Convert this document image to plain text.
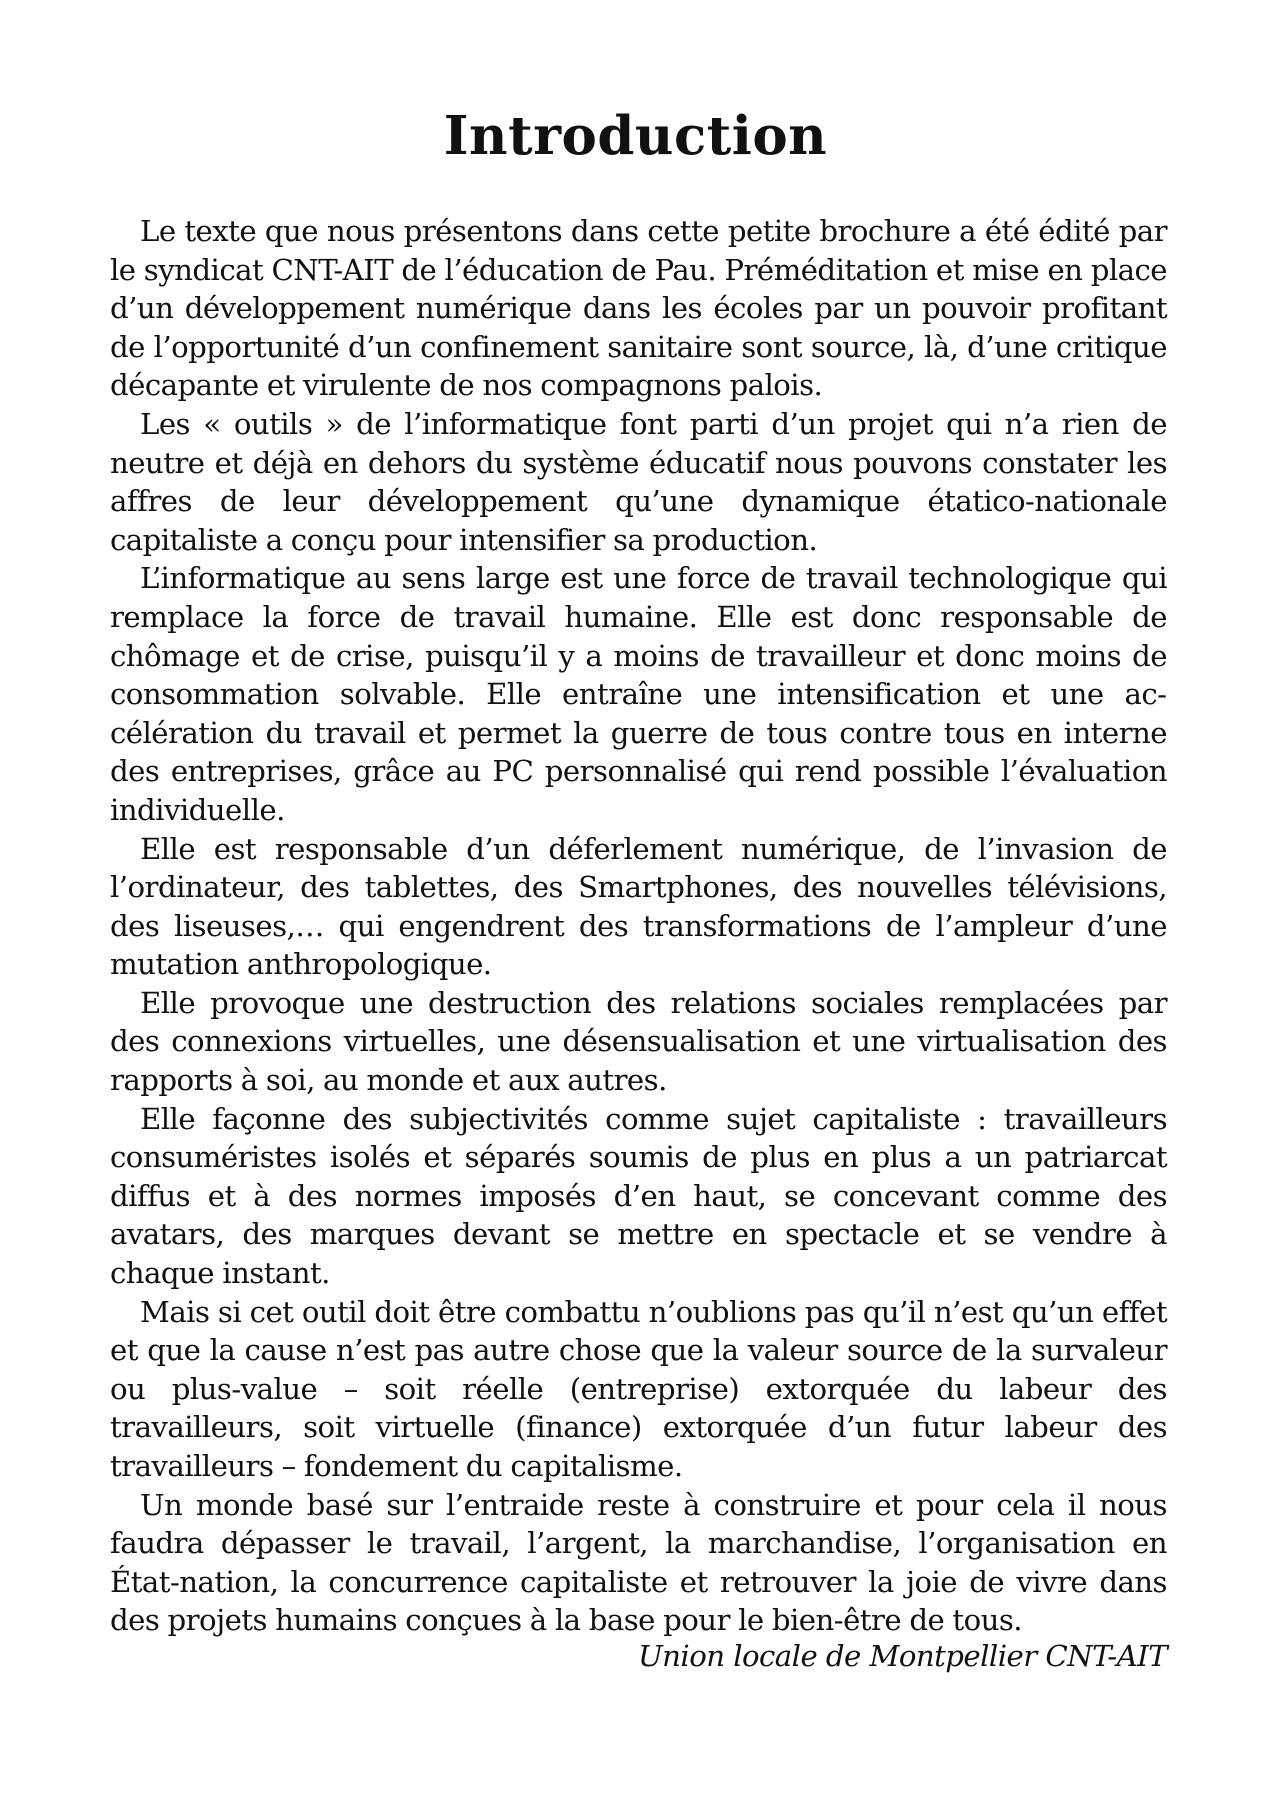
Introduction

Le texte que nous présentons dans cette petite brochure a été édité par le syndicat CNT-AIT de l’éducation de Pau. Préméditation et mise en place d’un développement numérique dans les écoles par un pouvoir profitant de l’opportunité d’un confinement sanitaire sont source, là, d’une critique décapante et virulente de nos compagnons palois.

Les « outils » de l’informatique font parti d’un projet qui n’a rien de neutre et déjà en dehors du système éducatif nous pouvons constater les affres de leur développement qu’une dynamique étatico-nationale capitaliste a conçu pour intensifier sa production.

L’informatique au sens large est une force de travail technologique qui remplace la force de travail humaine. Elle est donc responsable de chômage et de crise, puisqu’il y a moins de travailleur et donc moins de consommation solvable. Elle entraîne une intensification et une accélération du travail et permet la guerre de tous contre tous en interne des entreprises, grâce au PC personnalisé qui rend possible l’évaluation individuelle.

Elle est responsable d’un déferlement numérique, de l’invasion de l’ordinateur, des tablettes, des Smartphones, des nouvelles télévisions, des liseuses,… qui engendrent des transformations de l’ampleur d’une mutation anthropologique.

Elle provoque une destruction des relations sociales remplacées par des connexions virtuelles, une désensualisation et une virtualisation des rapports à soi, au monde et aux autres.

Elle façonne des subjectivités comme sujet capitaliste : travailleurs consuméristes isolés et séparés soumis de plus en plus a un patriarcat diffus et à des normes imposés d’en haut, se concevant comme des avatars, des marques devant se mettre en spectacle et se vendre à chaque instant.

Mais si cet outil doit être combattu n’oublions pas qu’il n’est qu’un effet et que la cause n’est pas autre chose que la valeur source de la survaleur ou plus-value – soit réelle (entreprise) extorquée du labeur des travailleurs, soit virtuelle (finance) extorquée d’un futur labeur des travailleurs – fondement du capitalisme.

Un monde basé sur l’entraide reste à construire et pour cela il nous faudra dépasser le travail, l’argent, la marchandise, l’organisation en État-nation, la concurrence capitaliste et retrouver la joie de vivre dans des projets humains conçues à la base pour le bien-être de tous.

Union locale de Montpellier CNT-AIT
